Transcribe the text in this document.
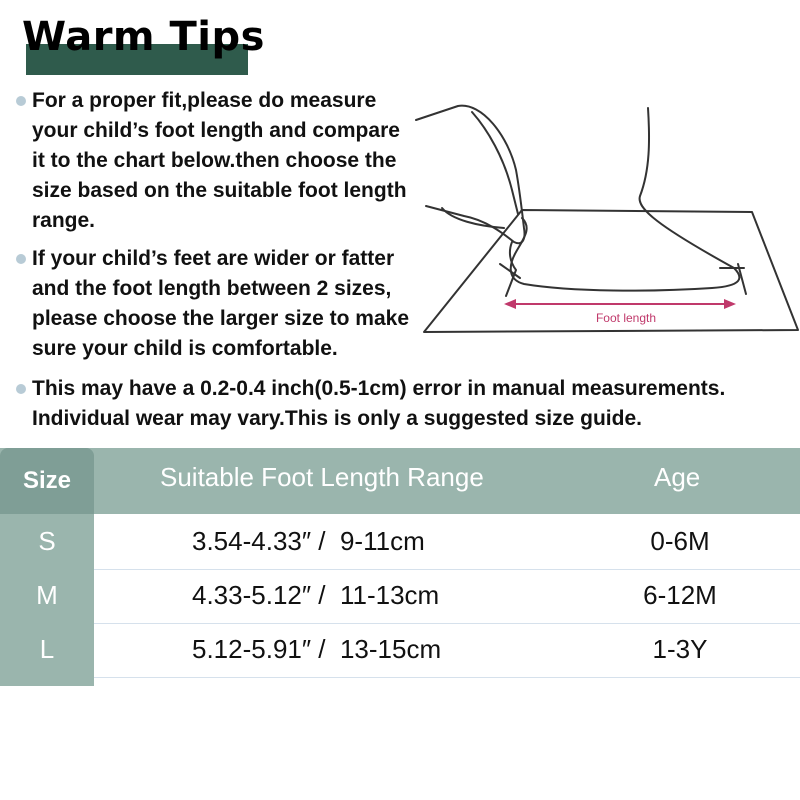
Warm Tips

For a proper fit,please do measure
your child’s foot length and compare
it to the chart below.then choose the
size based on the suitable foot length
range.

If your child’s feet are wider or fatter
and the foot length between 2 sizes,
please choose the larger size to make
sure your child is comfortable.

This may have a 0.2-0.4 inch(0.5-1cm) error in manual measurements.
Individual wear may vary.This is only a suggested size guide.

Foot length
Size	Suitable Foot Length Range	Age
S	3.54-4.33″ /  9-11cm	0-6M
M	4.33-5.12″ /  11-13cm	6-12M
L	5.12-5.91″ /  13-15cm	1-3Y
